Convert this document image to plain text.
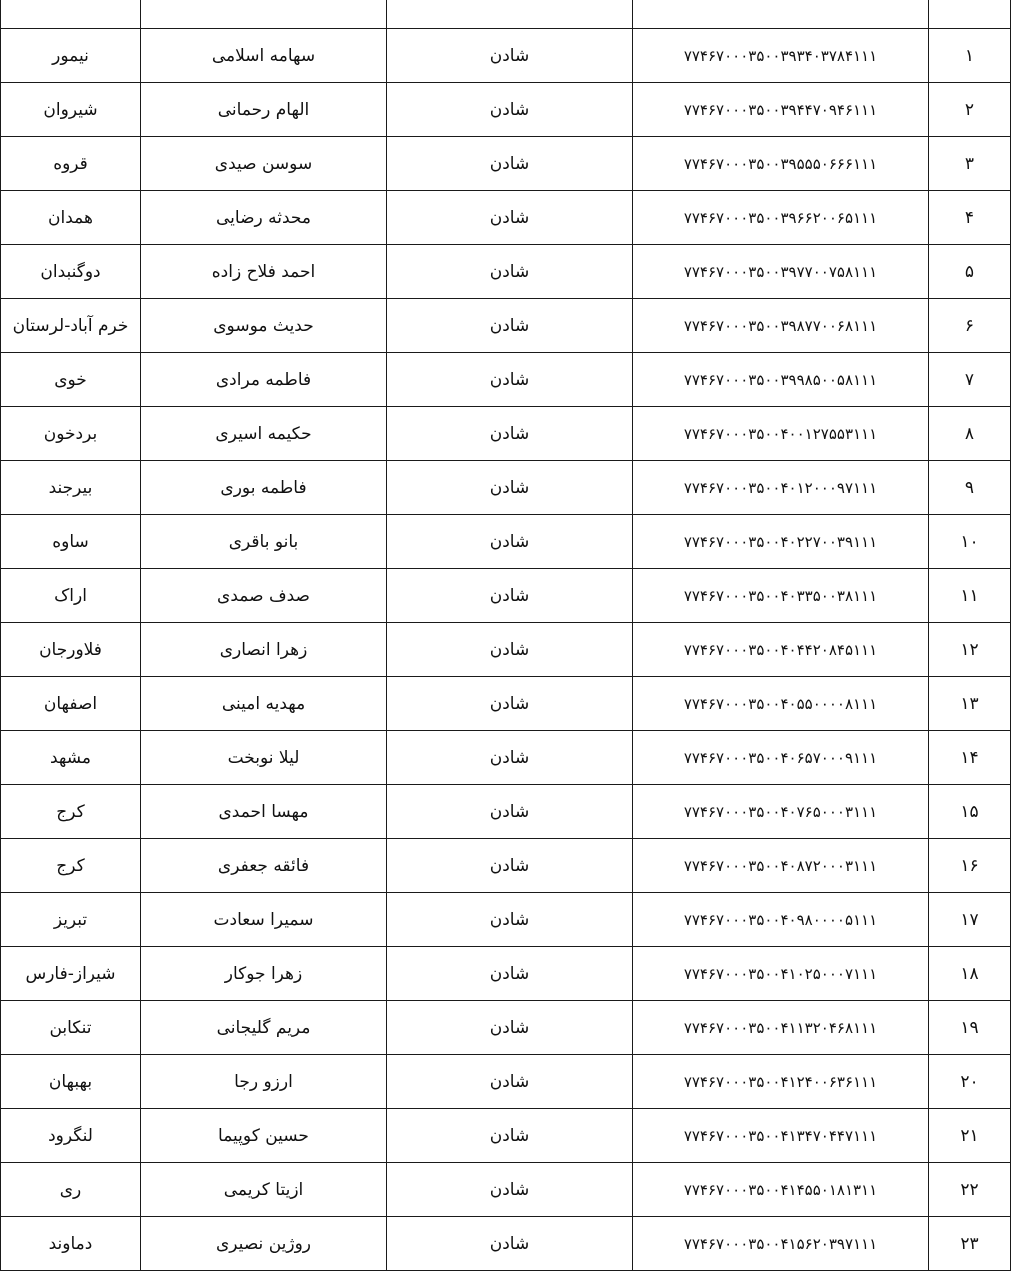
نیمور	سهامه اسلامی	شادن	۷۷۴۶۷۰۰۰۳۵۰۰۳۹۳۴۰۳۷۸۴۱۱۱	۱
شیروان	الهام رحمانی	شادن	۷۷۴۶۷۰۰۰۳۵۰۰۳۹۴۴۷۰۹۴۶۱۱۱	۲
قروه	سوسن صیدی	شادن	۷۷۴۶۷۰۰۰۳۵۰۰۳۹۵۵۵۰۶۶۶۱۱۱	۳
همدان	محدثه رضایی	شادن	۷۷۴۶۷۰۰۰۳۵۰۰۳۹۶۶۲۰۰۶۵۱۱۱	۴
دوگنبدان	احمد فلاح زاده	شادن	۷۷۴۶۷۰۰۰۳۵۰۰۳۹۷۷۰۰۷۵۸۱۱۱	۵
خرم آباد-لرستان	حدیث موسوی	شادن	۷۷۴۶۷۰۰۰۳۵۰۰۳۹۸۷۷۰۰۶۸۱۱۱	۶
خوی	فاطمه مرادی	شادن	۷۷۴۶۷۰۰۰۳۵۰۰۳۹۹۸۵۰۰۵۸۱۱۱	۷
بردخون	حکیمه اسیری	شادن	۷۷۴۶۷۰۰۰۳۵۰۰۴۰۰۱۲۷۵۵۳۱۱۱	۸
بیرجند	فاطمه بوری	شادن	۷۷۴۶۷۰۰۰۳۵۰۰۴۰۱۲۰۰۰۹۷۱۱۱	۹
ساوه	بانو باقری	شادن	۷۷۴۶۷۰۰۰۳۵۰۰۴۰۲۲۷۰۰۳۹۱۱۱	۱۰
اراک	صدف صمدی	شادن	۷۷۴۶۷۰۰۰۳۵۰۰۴۰۳۳۵۰۰۳۸۱۱۱	۱۱
فلاورجان	زهرا انصاری	شادن	۷۷۴۶۷۰۰۰۳۵۰۰۴۰۴۴۲۰۸۴۵۱۱۱	۱۲
اصفهان	مهدیه امینی	شادن	۷۷۴۶۷۰۰۰۳۵۰۰۴۰۵۵۰۰۰۰۸۱۱۱	۱۳
مشهد	لیلا نوبخت	شادن	۷۷۴۶۷۰۰۰۳۵۰۰۴۰۶۵۷۰۰۰۹۱۱۱	۱۴
کرج	مهسا احمدی	شادن	۷۷۴۶۷۰۰۰۳۵۰۰۴۰۷۶۵۰۰۰۳۱۱۱	۱۵
کرج	فائقه جعفری	شادن	۷۷۴۶۷۰۰۰۳۵۰۰۴۰۸۷۲۰۰۰۳۱۱۱	۱۶
تبریز	سمیرا سعادت	شادن	۷۷۴۶۷۰۰۰۳۵۰۰۴۰۹۸۰۰۰۰۵۱۱۱	۱۷
شیراز-فارس	زهرا جوکار	شادن	۷۷۴۶۷۰۰۰۳۵۰۰۴۱۰۲۵۰۰۰۷۱۱۱	۱۸
تنکابن	مریم گلیجانی	شادن	۷۷۴۶۷۰۰۰۳۵۰۰۴۱۱۳۲۰۴۶۸۱۱۱	۱۹
بهبهان	ارزو رجا	شادن	۷۷۴۶۷۰۰۰۳۵۰۰۴۱۲۴۰۰۶۳۶۱۱۱	۲۰
لنگرود	حسین کوپیما	شادن	۷۷۴۶۷۰۰۰۳۵۰۰۴۱۳۴۷۰۴۴۷۱۱۱	۲۱
ری	ازیتا کریمی	شادن	۷۷۴۶۷۰۰۰۳۵۰۰۴۱۴۵۵۰۱۸۱۳۱۱	۲۲
دماوند	روژین نصیری	شادن	۷۷۴۶۷۰۰۰۳۵۰۰۴۱۵۶۲۰۳۹۷۱۱۱	۲۳
